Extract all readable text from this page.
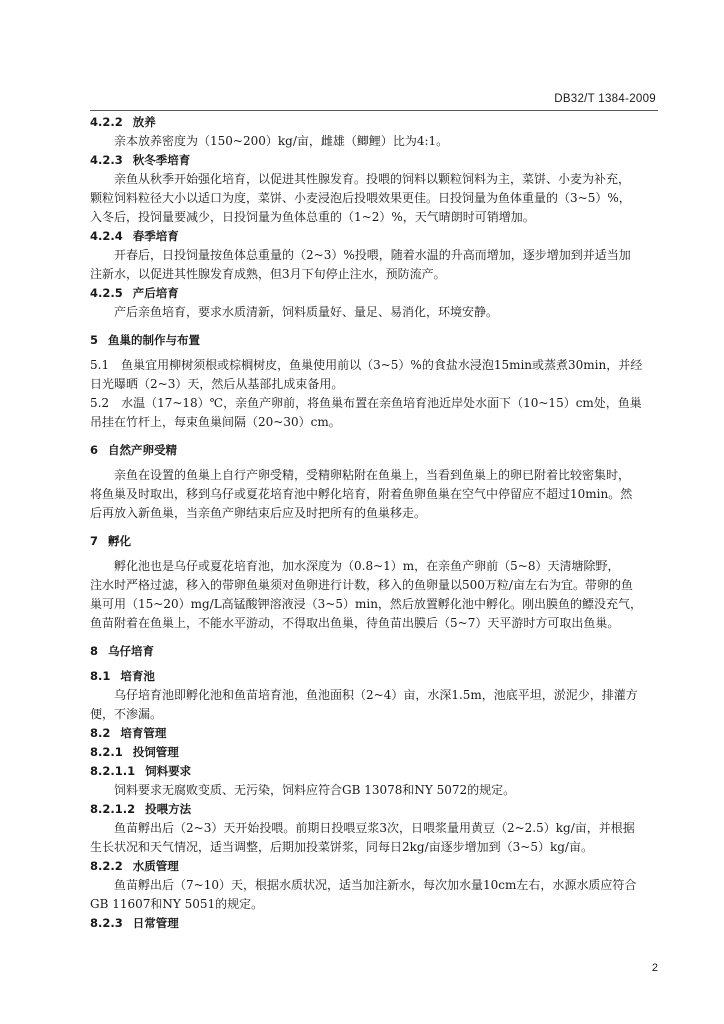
DB32/T 1384-2009
4.2.2 放养
亲本放养密度为（150~200）kg/亩，雌雄（鲫鲤）比为4:1。
4.2.3 秋冬季培育
亲鱼从秋季开始强化培育，以促进其性腺发育。投喂的饲料以颗粒饲料为主，菜饼、小麦为补充，
颗粒饲料粒径大小以适口为度，菜饼、小麦浸泡后投喂效果更佳。日投饲量为鱼体重量的（3~5）%，
入冬后，投饲量要减少，日投饲量为鱼体总重的（1~2）%，天气晴朗时可销增加。
4.2.4 春季培育
开春后，日投饲量按鱼体总重量的（2~3）%投喂，随着水温的升高而增加，逐步增加到并适当加
注新水，以促进其性腺发育成熟，但3月下旬停止注水，预防流产。
4.2.5 产后培育
产后亲鱼培育，要求水质清新，饲料质量好、量足、易消化，环境安静。
5 鱼巢的制作与布置
5.1　鱼巢宜用柳树须根或棕榈树皮，鱼巢使用前以（3~5）%的食盐水浸泡15min或蒸煮30min，并经
日光曝晒（2~3）天，然后从基部扎成束备用。
5.2　水温（17~18）℃，亲鱼产卵前，将鱼巢布置在亲鱼培育池近岸处水面下（10~15）cm处，鱼巢
吊挂在竹杆上，每束鱼巢间隔（20~30）cm。
6 自然产卵受精
亲鱼在设置的鱼巢上自行产卵受精，受精卵粘附在鱼巢上，当看到鱼巢上的卵已附着比较密集时，
将鱼巢及时取出，移到乌仔或夏花培育池中孵化培育，附着鱼卵鱼巢在空气中停留应不超过10min。然
后再放入新鱼巢，当亲鱼产卵结束后应及时把所有的鱼巢移走。
7 孵化
孵化池也是乌仔或夏花培育池，加水深度为（0.8~1）m，在亲鱼产卵前（5~8）天清塘除野，
注水时严格过滤，移入的带卵鱼巢须对鱼卵进行计数，移入的鱼卵量以500万粒/亩左右为宜。带卵的鱼
巢可用（15~20）mg/L高锰酸钾溶液浸（3~5）min，然后放置孵化池中孵化。刚出膜鱼的鳔没充气，
鱼苗附着在鱼巢上，不能水平游动，不得取出鱼巢，待鱼苗出膜后（5~7）天平游时方可取出鱼巢。
8 乌仔培育
8.1 培育池
乌仔培育池即孵化池和鱼苗培育池，鱼池面积（2~4）亩，水深1.5m，池底平坦，淤泥少，排灌方
便，不渗漏。
8.2 培育管理
8.2.1 投饲管理
8.2.1.1 饲料要求
饲料要求无腐败变质、无污染，饲料应符合GB 13078和NY 5072的规定。
8.2.1.2 投喂方法
鱼苗孵出后（2~3）天开始投喂。前期日投喂豆浆3次，日喂浆量用黄豆（2~2.5）kg/亩，并根据
生长状况和天气情况，适当调整，后期加投菜饼浆，同每日2kg/亩逐步增加到（3~5）kg/亩。
8.2.2 水质管理
鱼苗孵出后（7~10）天，根据水质状况，适当加注新水，每次加水量10cm左右，水源水质应符合
GB 11607和NY 5051的规定。
8.2.3 日常管理
2
